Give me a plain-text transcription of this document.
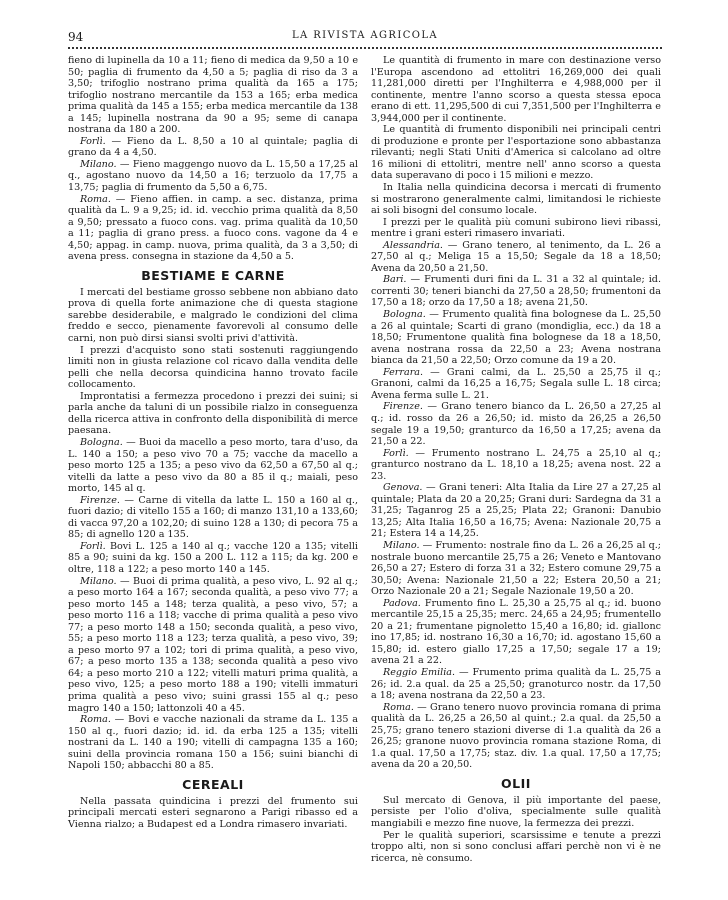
94	LA RIVISTA AGRICOLA

fieno di lupinella da 10 a 11; fieno di medica da 9,50 a 10 e 50; paglia di frumento da 4,50 a 5; paglia di riso da 3 a 3,50; trifoglio nostrano prima qualità da 165 a 175; trifoglio nostrano mercantile da 153 a 165; erba medica prima qualità da 145 a 155; erba medica mercantile da 138 a 145; lupinella nostrana da 90 a 95; seme di canapa nostrana da 180 a 200.

Forlì. — Fieno da L. 8,50 a 10 al quintale; paglia di grano da 4 a 4,50.

Milano. — Fieno maggengo nuovo da L. 15,50 a 17,25 al q., agostano nuovo da 14,50 a 16; terzuolo da 17,75 a 13,75; paglia di frumento da 5,50 a 6,75.

Roma. — Fieno affien. in camp. a sec. distanza, prima qualità da L. 9 a 9,25; id. id. vecchio prima qualità da 8,50 a 9,50; pressato a fuoco cons. vag. prima qualità da 10,50 a 11; paglia di grano press. a fuoco cons. vagone da 4 e 4,50; appag. in camp. nuova, prima qualità, da 3 a 3,50; di avena press. consegna in stazione da 4,50 a 5.

BESTIAME E CARNE

I mercati del bestiame grosso sebbene non abbiano dato prova di quella forte animazione che di questa stagione sarebbe desiderabile, e malgrado le condizioni del clima freddo e secco, pienamente favorevoli al consumo delle carni, non può dirsi siansi svolti privi d'attività.

I prezzi d'acquisto sono stati sostenuti raggiungendo limiti non in giusta relazione col ricavo dalla vendita delle pelli che nella decorsa quindicina hanno trovato facile collocamento.

Improntatisi a fermezza procedono i prezzi dei suini; si parla anche da taluni di un possibile rialzo in conseguenza della ricerca attiva in confronto della disponibilità di merce paesana.

Bologna. — Buoi da macello a peso morto, tara d'uso, da L. 140 a 150; a peso vivo 70 a 75; vacche da macello a peso morto 125 a 135; a peso vivo da 62,50 a 67,50 al q.; vitelli da latte a peso vivo da 80 a 85 il q.; maiali, peso morto, 145 al q.

Firenze. — Carne di vitella da latte L. 150 a 160 al q., fuori dazio; di vitello 155 a 160; di manzo 131,10 a 133,60; di vacca 97,20 a 102,20; di suino 128 a 130; di pecora 75 a 85; di agnello 120 a 135.

Forlì. Bovi L. 125 a 140 al q.; vacche 120 a 135; vitelli 85 a 90; suini da kg. 150 a 200 L. 112 a 115; da kg. 200 e oltre, 118 a 122; a peso morto 140 a 145.

Milano. — Buoi di prima qualità, a peso vivo, L. 92 al q.; a peso morto 164 a 167; seconda qualità, a peso vivo 77; a peso morto 145 a 148; terza qualità, a peso vivo, 57; a peso morto 116 a 118; vacche di prima qualità a peso vivo 77; a peso morto 148 a 150; seconda qualità, a peso vivo, 55; a peso morto 118 a 123; terza qualità, a peso vivo, 39; a peso morto 97 a 102; tori di prima qualità, a peso vivo, 67; a peso morto 135 a 138; seconda qualità a peso vivo 64; a peso morto 210 a 122; vitelli maturi prima qualità, a peso vivo, 125; a peso morto 188 a 190; vitelli immaturi prima qualità a peso vivo; suini grassi 155 al q.; peso magro 140 a 150; lattonzoli 40 a 45.

Roma. — Bovi e vacche nazionali da strame da L. 135 a 150 al q., fuori dazio; id. id. da erba 125 a 135; vitelli nostrani da L. 140 a 190; vitelli di campagna 135 a 160; suini della provincia romana 150 a 156; suini bianchi di Napoli 150; abbacchi 80 a 85.

CEREALI

Nella passata quindicina i prezzi del frumento sui principali mercati esteri segnarono a Parigi ribasso ed a Vienna rialzo; a Budapest ed a Londra rimasero invariati.

Le quantità di frumento in mare con destinazione verso l'Europa ascendono ad ettolitri 16,269,000 dei quali 11,281,000 diretti per l'Inghilterra e 4,988,000 per il continente, mentre l'anno scorso a questa stessa epoca erano di ett. 11,295,500 di cui 7,351,500 per l'Inghilterra e 3,944,000 per il continente.

Le quantità di frumento disponibili nei principali centri di produzione e pronte per l'esportazione sono abbastanza rilevanti; negli Stati Uniti d'America si calcolano ad oltre 16 milioni di ettolitri, mentre nell' anno scorso a questa data superavano di poco i 15 milioni e mezzo.

In Italia nella quindicina decorsa i mercati di frumento si mostrarono generalmente calmi, limitandosi le richieste ai soli bisogni del consumo locale.

I prezzi per le qualità più comuni subirono lievi ribassi, mentre i grani esteri rimasero invariati.

Alessandria. — Grano tenero, al tenimento, da L. 26 a 27,50 al q.; Meliga 15 a 15,50; Segale da 18 a 18,50; Avena da 20,50 a 21,50.

Bari. — Frumenti duri fini da L. 31 a 32 al quintale; id. correnti 30; teneri bianchi da 27,50 a 28,50; frumentoni da 17,50 a 18; orzo da 17,50 a 18; avena 21,50.

Bologna. — Frumento qualità fina bolognese da L. 25,50 a 26 al quintale; Scarti di grano (mondiglia, ecc.) da 18 a 18,50; Frumentone qualità fina bolognese da 18 a 18,50, avena nostrana rossa da 22,50 a 23; Avena nostrana bianca da 21,50 a 22,50; Orzo comune da 19 a 20.

Ferrara. — Grani calmi, da L. 25,50 a 25,75 il q.; Granoni, calmi da 16,25 a 16,75; Segala sulle L. 18 circa; Avena ferma sulle L. 21.

Firenze. — Grano tenero bianco da L. 26,50 a 27,25 al q.; id. rosso da 26 a 26,50; id. misto da 26,25 a 26,50 segale 19 a 19,50; granturco da 16,50 a 17,25; avena da 21,50 a 22.

Forlì. — Frumento nostrano L. 24,75 a 25,10 al q.; granturco nostrano da L. 18,10 a 18,25; avena nost. 22 a 23.

Genova. — Grani teneri: Alta Italia da Lire 27 a 27,25 al quintale; Plata da 20 a 20,25; Grani duri: Sardegna da 31 a 31,25; Taganrog 25 a 25,25; Plata 22; Granoni: Danubio 13,25; Alta Italia 16,50 a 16,75; Avena: Nazionale 20,75 a 21; Estera 14 a 14,25.

Milano. — Frumento: nostrale fino da L. 26 a 26,25 al q.; nostrale buono mercantile 25,75 a 26; Veneto e Mantovano 26,50 a 27; Estero di forza 31 a 32; Estero comune 29,75 a 30,50; Avena: Nazionale 21,50 a 22; Estera 20,50 a 21; Orzo Nazionale 20 a 21; Segale Nazionale 19,50 a 20.

Padova. Frumento fino L. 25,30 a 25,75 al q.; id. buono mercantile 25,15 a 25,35; merc. 24,65 a 24,95; frumentello 20 a 21; frumentane pignoletto 15,40 a 16,80; id. giallonc ino 17,85; id. nostrano 16,30 a 16,70; id. agostano 15,60 a 15,80; id. estero giallo 17,25 a 17,50; segale 17 a 19; avena 21 a 22.

Reggio Emilia. — Frumento prima qualità da L. 25,75 a 26; id. 2.a qual. da 25 a 25,50; granoturco nostr. da 17,50 a 18; avena nostrana da 22,50 a 23.

Roma. — Grano tenero nuovo provincia romana di prima qualità da L. 26,25 a 26,50 al quint.; 2.a qual. da 25,50 a 25,75; grano tenero stazioni diverse di 1.a qualità da 26 a 26,25; granone nuovo provincia romana stazione Roma, di 1.a qual. 17,50 a 17,75; staz. div. 1.a qual. 17,50 a 17,75; avena da 20 a 20,50.

OLII

Sul mercato di Genova, il più importante del paese, persiste per l'olio d'oliva, specialmente sulle qualità mangiabili e mezzo fine nuove, la fermezza dei prezzi.

Per le qualità superiori, scarsissime e tenute a prezzi troppo alti, non si sono conclusi affari perchè non vi è ne ricerca, nè consumo.
